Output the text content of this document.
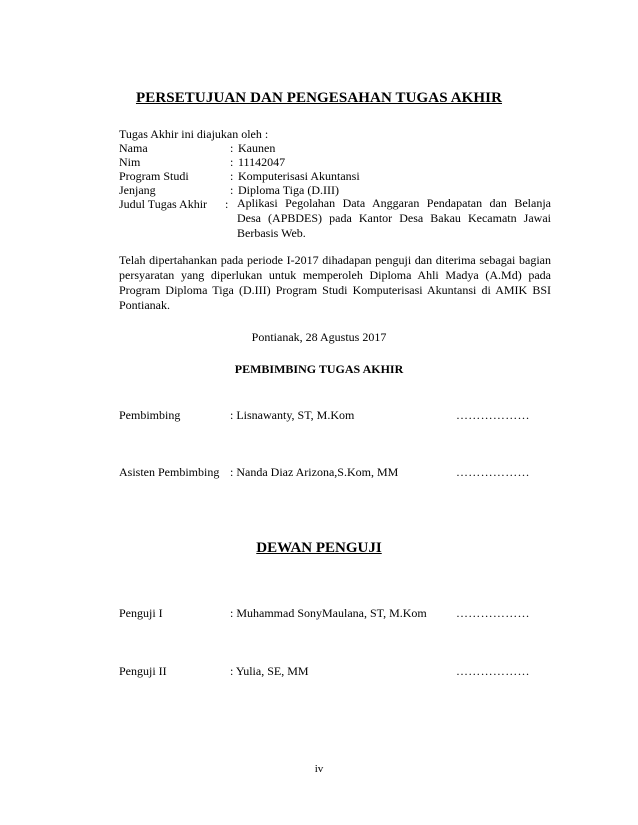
PERSETUJUAN DAN PENGESAHAN TUGAS AKHIR
Tugas Akhir ini diajukan oleh :
Nama	: Kaunen
Nim	: 11142047
Program Studi	: Komputerisasi Akuntansi
Jenjang	: Diploma Tiga (D.III)
Judul Tugas Akhir : Aplikasi Pegolahan Data Anggaran Pendapatan dan Belanja Desa (APBDES) pada Kantor Desa Bakau Kecamatn Jawai Berbasis Web.
Telah dipertahankan pada periode I-2017 dihadapan penguji dan diterima sebagai bagian persyaratan yang diperlukan untuk memperoleh Diploma Ahli Madya (A.Md) pada Program Diploma Tiga (D.III) Program Studi Komputerisasi Akuntansi di AMIK BSI Pontianak.
Pontianak, 28 Agustus 2017
PEMBIMBING TUGAS AKHIR
Pembimbing	: Lisnawanty, ST, M.Kom	………………
Asisten Pembimbing : Nanda Diaz Arizona,S.Kom, MM	………………
DEWAN PENGUJI
Penguji I	: Muhammad SonyMaulana, ST, M.Kom ………………
Penguji II	: Yulia, SE, MM	………………
iv
